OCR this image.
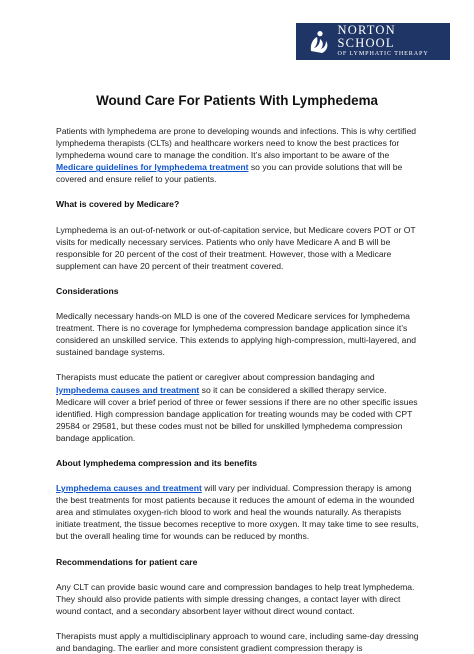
NORTON SCHOOL
OF LYMPHATIC THERAPY
Wound Care For Patients With Lymphedema

Patients with lymphedema are prone to developing wounds and infections. This is why certified lymphedema therapists (CLTs) and healthcare workers need to know the best practices for lymphedema wound care to manage the condition. It’s also important to be aware of the Medicare guidelines for lymphedema treatment so you can provide solutions that will be covered and ensure relief to your patients.

What is covered by Medicare?

Lymphedema is an out-of-network or out-of-capitation service, but Medicare covers POT or OT visits for medically necessary services. Patients who only have Medicare A and B will be responsible for 20 percent of the cost of their treatment. However, those with a Medicare supplement can have 20 percent of their treatment covered.

Considerations

Medically necessary hands-on MLD is one of the covered Medicare services for lymphedema treatment. There is no coverage for lymphedema compression bandage application since it’s considered an unskilled service. This extends to applying high-compression, multi-layered, and sustained bandage systems.

Therapists must educate the patient or caregiver about compression bandaging and lymphedema causes and treatment so it can be considered a skilled therapy service. Medicare will cover a brief period of three or fewer sessions if there are no other specific issues identified. High compression bandage application for treating wounds may be coded with CPT 29584 or 29581, but these codes must not be billed for unskilled lymphedema compression bandage application.

About lymphedema compression and its benefits

Lymphedema causes and treatment will vary per individual. Compression therapy is among the best treatments for most patients because it reduces the amount of edema in the wounded area and stimulates oxygen-rich blood to work and heal the wounds naturally. As therapists initiate treatment, the tissue becomes receptive to more oxygen. It may take time to see results, but the overall healing time for wounds can be reduced by months.

Recommendations for patient care

Any CLT can provide basic wound care and compression bandages to help treat lymphedema. They should also provide patients with simple dressing changes, a contact layer with direct wound contact, and a secondary absorbent layer without direct wound contact.

Therapists must apply a multidisciplinary approach to wound care, including same-day dressing and bandaging. The earlier and more consistent gradient compression therapy is
